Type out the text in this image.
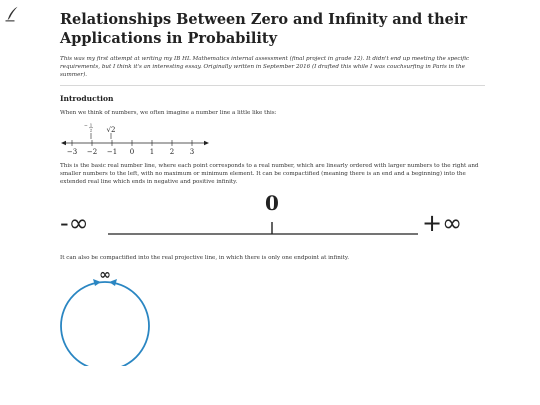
Relationships Between Zero and Infinity and their Applications in Probability

This was my first attempt at writing my IB HL Mathematics internal assessment (final project in grade 12). It didn't end up meeting the specific requirements, but I think it's an interesting essay. Originally written in September 2016 (I drafted this while I was couchsurfing in Paris in the summer).

Introduction

When we think of numbers, we often imagine a number line a little like this:

− 1
2 √2
−3 −2 −1 0 1 2 3

This is the basic real number line, where each point corresponds to a real number, which are linearly ordered with larger numbers to the right and smaller numbers to the left, with no maximum or minimum element. It can be compactified (meaning there is an end and a beginning) into the extended real line which ends in negative and positive infinity.

-∞
0
+∞

It can also be compactified into the real projective line, in which there is only one endpoint at infinity.

∞
